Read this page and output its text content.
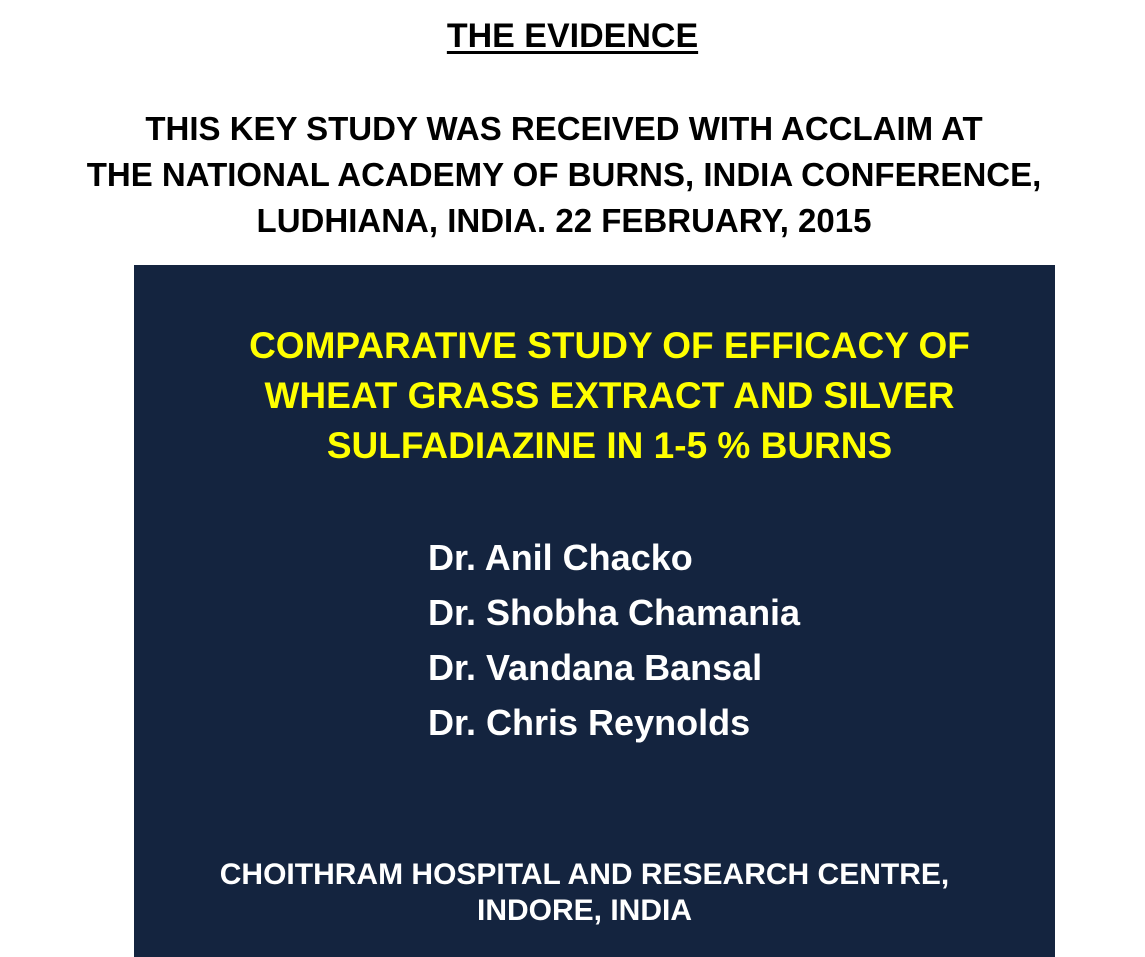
THE EVIDENCE
THIS KEY STUDY WAS RECEIVED WITH ACCLAIM AT
THE NATIONAL ACADEMY OF BURNS, INDIA CONFERENCE,
LUDHIANA, INDIA. 22 FEBRUARY, 2015
COMPARATIVE STUDY OF EFFICACY OF
WHEAT GRASS EXTRACT AND SILVER
SULFADIAZINE IN 1-5 % BURNS
Dr. Anil Chacko
Dr. Shobha Chamania
Dr. Vandana Bansal
Dr. Chris Reynolds
CHOITHRAM HOSPITAL AND RESEARCH CENTRE,
INDORE, INDIA
